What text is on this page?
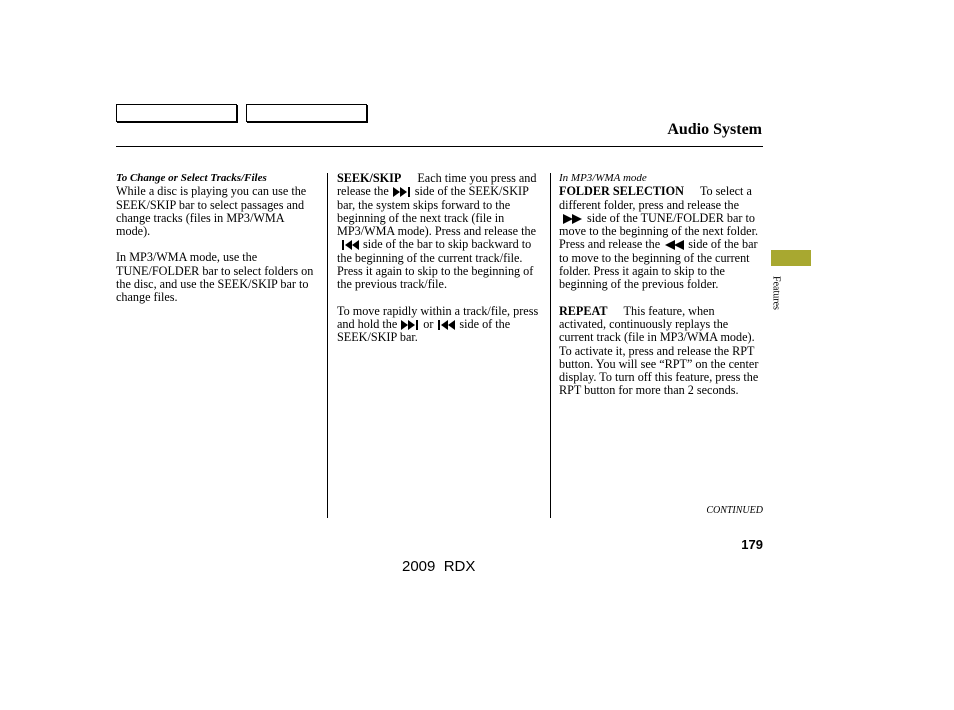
Audio System

To Change or Select Tracks/Files

While a disc is playing you can use the SEEK/SKIP bar to select passages and change tracks (files in MP3/WMA mode).

In MP3/WMA mode, use the TUNE/FOLDER bar to select folders on the disc, and use the SEEK/SKIP bar to change files.

SEEK/SKIP Each time you press and release the side of the SEEK/SKIP bar, the system skips forward to the beginning of the next track (file in MP3/WMA mode). Press and release theside of the bar to skip backward to the beginning of the current track/file. Press it again to skip to the beginning of the previous track/file.

To move rapidly within a track/file, press and hold the or side of the SEEK/SKIP bar.

In MP3/WMA mode

FOLDER SELECTION To select a different folder, press and release theside of the TUNE/FOLDER bar to move to the beginning of the next folder. Press and release the side of the bar to move to the beginning of the current folder. Press it again to skip to the beginning of the previous folder.

REPEAT This feature, when activated, continuously replays the current track (file in MP3/WMA mode). To activate it, press and release the RPT button. You will see “RPT” on the center display. To turn off this feature, press the RPT button for more than 2 seconds.

Features
CONTINUED
179
2009  RDX
